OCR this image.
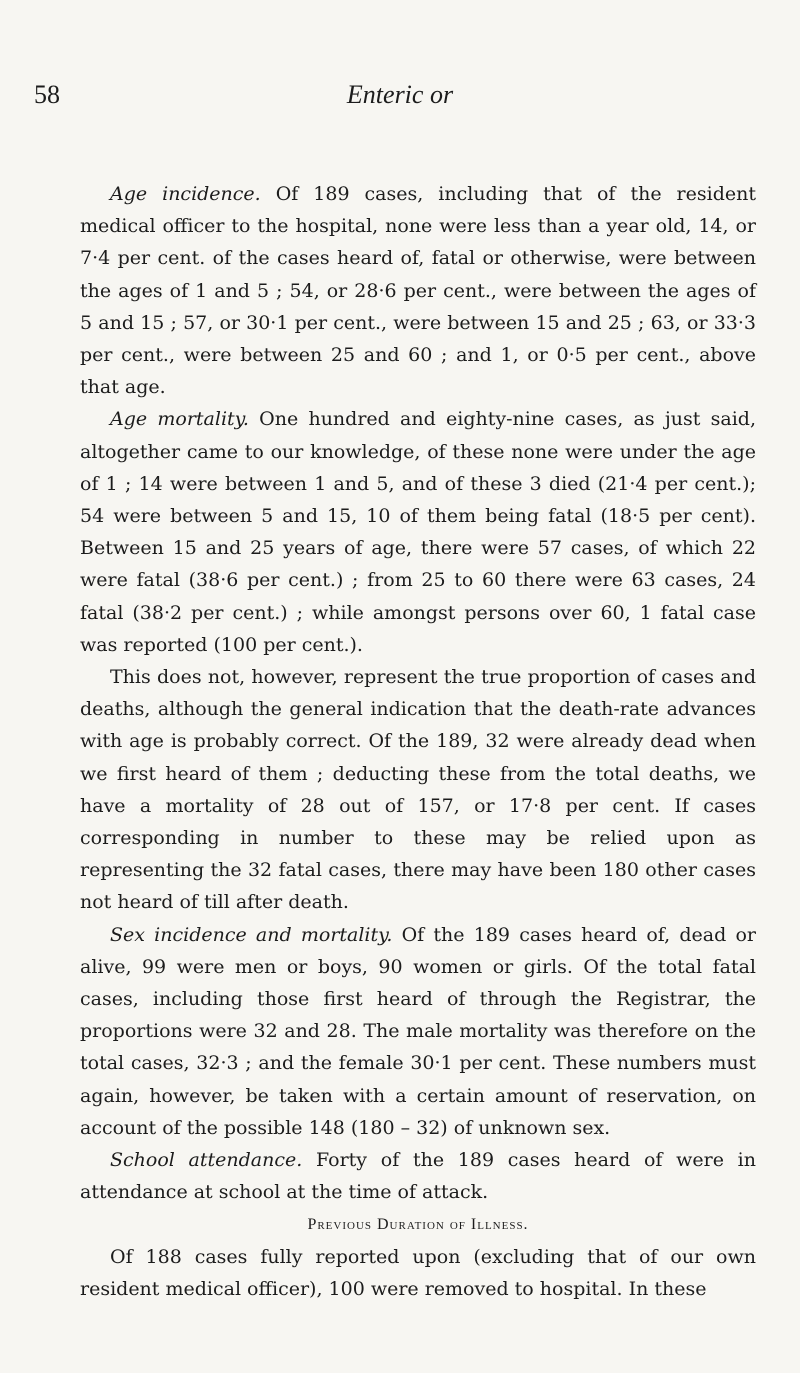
58	Enteric or

Age incidence. Of 189 cases, including that of the resident medical officer to the hospital, none were less than a year old, 14, or 7·4 per cent. of the cases heard of, fatal or otherwise, were between the ages of 1 and 5 ; 54, or 28·6 per cent., were between the ages of 5 and 15 ; 57, or 30·1 per cent., were between 15 and 25 ; 63, or 33·3 per cent., were between 25 and 60 ; and 1, or 0·5 per cent., above that age.

Age mortality. One hundred and eighty-nine cases, as just said, altogether came to our knowledge, of these none were under the age of 1 ; 14 were between 1 and 5, and of these 3 died (21·4 per cent.); 54 were between 5 and 15, 10 of them being fatal (18·5 per cent). Between 15 and 25 years of age, there were 57 cases, of which 22 were fatal (38·6 per cent.) ; from 25 to 60 there were 63 cases, 24 fatal (38·2 per cent.) ; while amongst persons over 60, 1 fatal case was reported (100 per cent.).

This does not, however, represent the true proportion of cases and deaths, although the general indication that the death-rate advances with age is probably correct. Of the 189, 32 were already dead when we first heard of them ; deducting these from the total deaths, we have a mortality of 28 out of 157, or 17·8 per cent. If cases corresponding in number to these may be relied upon as representing the 32 fatal cases, there may have been 180 other cases not heard of till after death.

Sex incidence and mortality. Of the 189 cases heard of, dead or alive, 99 were men or boys, 90 women or girls. Of the total fatal cases, including those first heard of through the Registrar, the proportions were 32 and 28. The male mortality was therefore on the total cases, 32·3 ; and the female 30·1 per cent. These numbers must again, however, be taken with a certain amount of reservation, on account of the possible 148 (180 – 32) of unknown sex.

School attendance. Forty of the 189 cases heard of were in attendance at school at the time of attack.

Previous Duration of Illness.

Of 188 cases fully reported upon (excluding that of our own resident medical officer), 100 were removed to hospital. In these
